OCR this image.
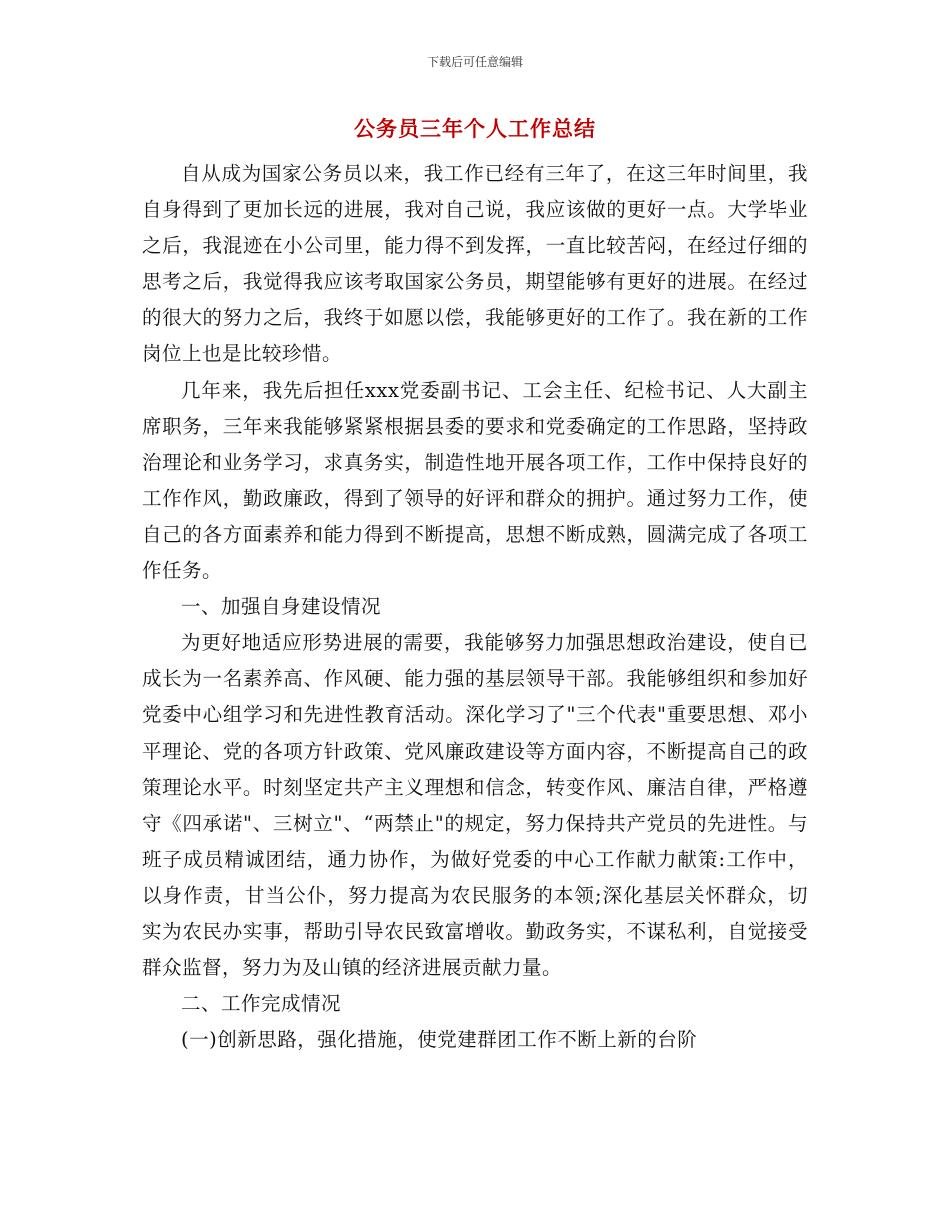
下载后可任意编辑
公务员三年个人工作总结

自从成为国家公务员以来，我工作已经有三年了，在这三年时间里，我自身得到了更加长远的进展，我对自己说，我应该做的更好一点。大学毕业之后，我混迹在小公司里，能力得不到发挥，一直比较苦闷，在经过仔细的思考之后，我觉得我应该考取国家公务员，期望能够有更好的进展。在经过的很大的努力之后，我终于如愿以偿，我能够更好的工作了。我在新的工作岗位上也是比较珍惜。

几年来，我先后担任xxx党委副书记、工会主任、纪检书记、人大副主席职务，三年来我能够紧紧根据县委的要求和党委确定的工作思路，坚持政治理论和业务学习，求真务实，制造性地开展各项工作，工作中保持良好的工作作风，勤政廉政，得到了领导的好评和群众的拥护。通过努力工作，使自己的各方面素养和能力得到不断提高，思想不断成熟，圆满完成了各项工作任务。

一、加强自身建设情况

为更好地适应形势进展的需要，我能够努力加强思想政治建设，使自已成长为一名素养高、作风硬、能力强的基层领导干部。我能够组织和参加好党委中心组学习和先进性教育活动。深化学习了"三个代表"重要思想、邓小平理论、党的各项方针政策、党风廉政建设等方面内容，不断提高自己的政策理论水平。时刻坚定共产主义理想和信念，转变作风、廉洁自律，严格遵守《四承诺"、三树立"、“两禁止"的规定，努力保持共产党员的先进性。与班子成员精诚团结，通力协作，为做好党委的中心工作献力献策:工作中，以身作责，甘当公仆，努力提高为农民服务的本领;深化基层关怀群众，切实为农民办实事，帮助引导农民致富增收。勤政务实，不谋私利，自觉接受群众监督，努力为及山镇的经济进展贡献力量。

二、工作完成情况

(一)创新思路，强化措施，使党建群团工作不断上新的台阶
